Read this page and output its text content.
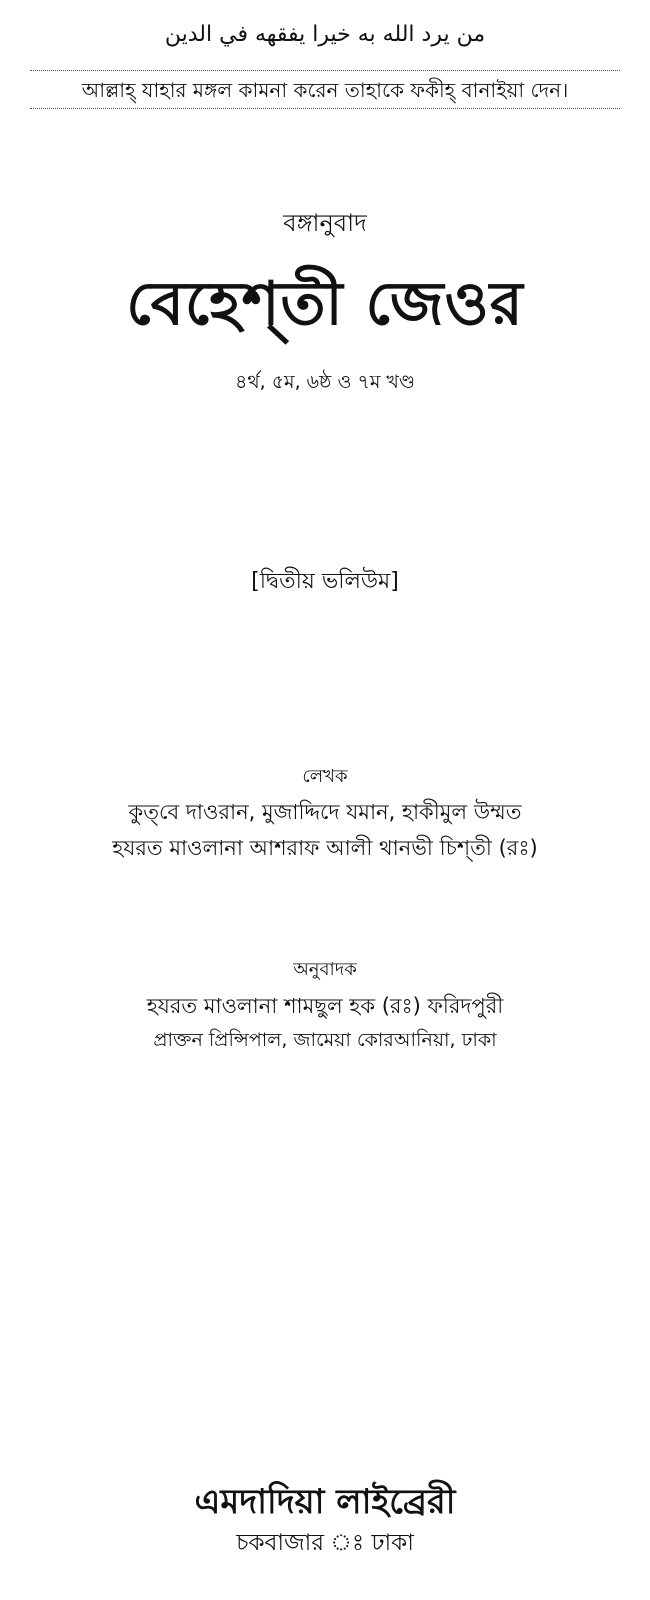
من يرد الله به خيرا يفقهه في الدين
আল্লাহ্ যাহার মঙ্গল কামনা করেন তাহাকে ফকীহ্ বানাইয়া দেন।
বঙ্গানুবাদ
বেহেশ্‌তী জেওর
৪র্থ, ৫ম, ৬ষ্ঠ ও ৭ম খণ্ড
[দ্বিতীয় ভলিউম]
লেখক
কুত্‌বে দাওরান, মুজাদ্দিদে যমান, হাকীমুল উম্মত
হযরত মাওলানা আশরাফ আলী থানভী চিশ্‌তী (রঃ)
অনুবাদক
হযরত মাওলানা শামছুল হক (রঃ) ফরিদপুরী
প্রাক্তন প্রিন্সিপাল, জামেয়া কোরআনিয়া, ঢাকা
এমদাদিয়া লাইব্রেরী
চকবাজার ঃ ঢাকা
